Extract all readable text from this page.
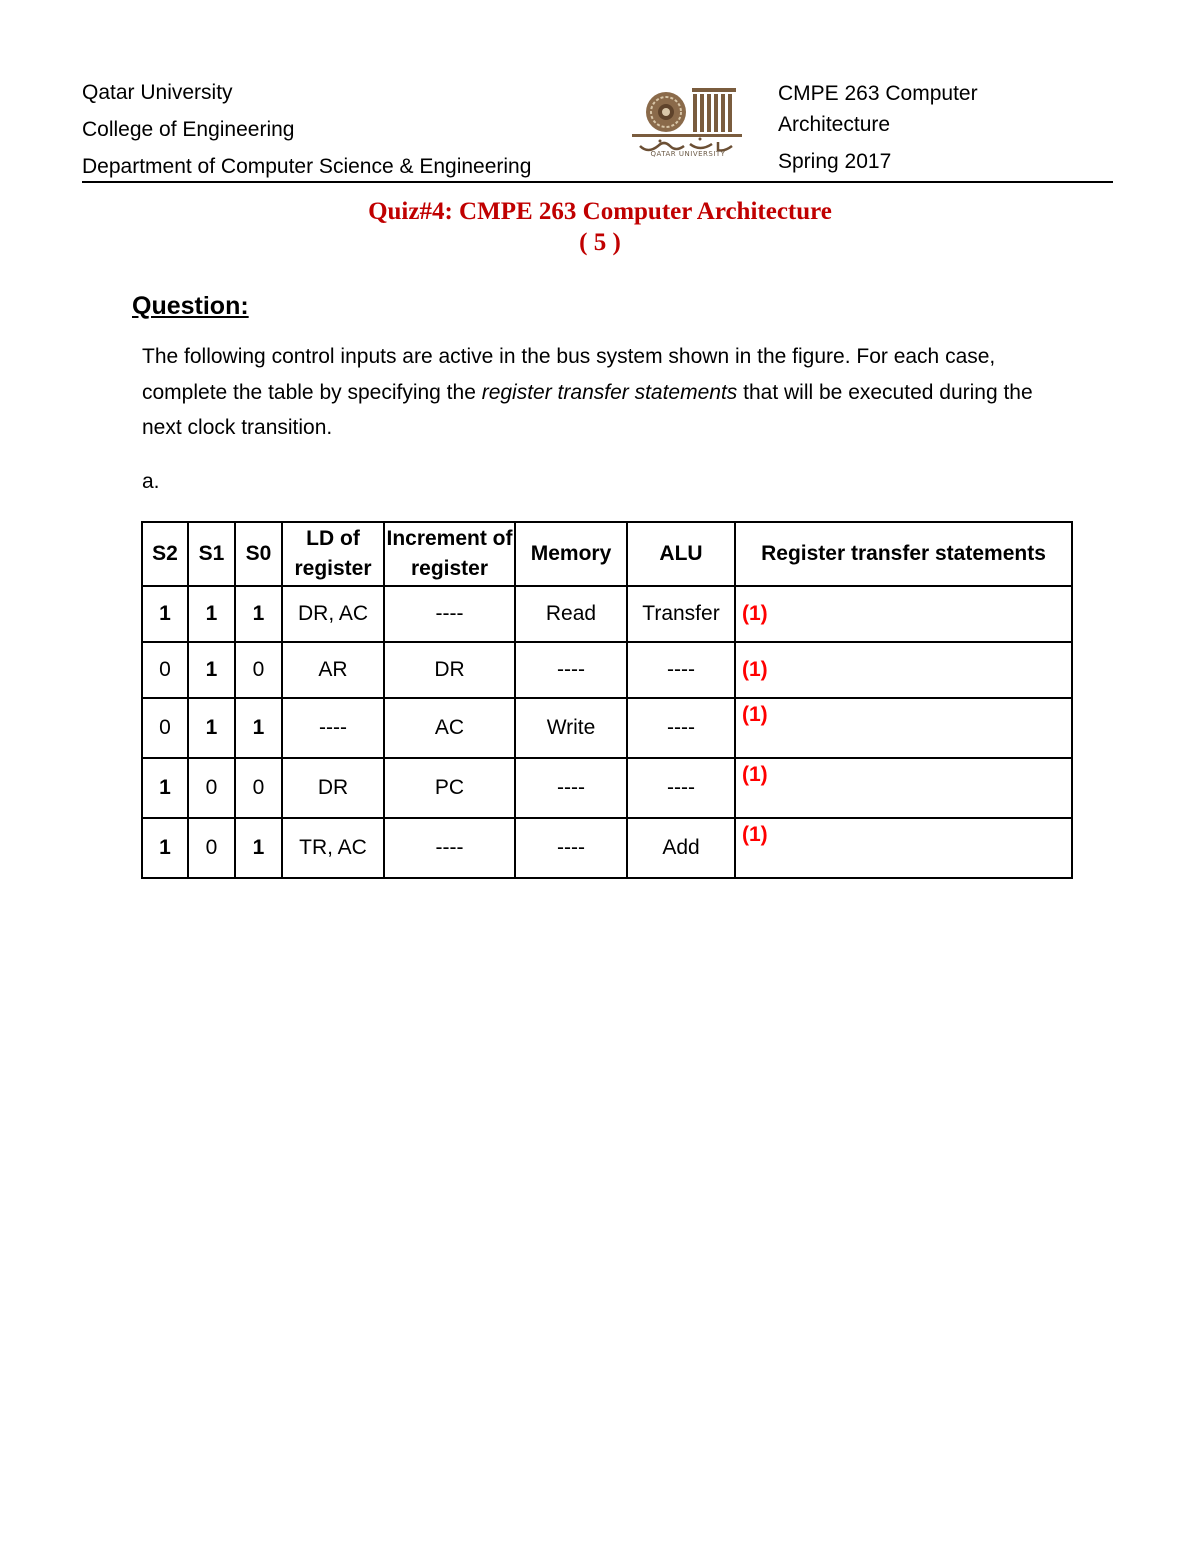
Qatar University
College of Engineering
Department of Computer Science & Engineering
QATAR UNIVERSITY
CMPE 263 Computer
Architecture
Spring 2017
Quiz#4: CMPE 263 Computer Architecture
( 5 )
Question:
The following control inputs are active in the bus system shown in the figure. For each case, complete the table by specifying the register transfer statements that will be executed during the next clock transition.
a.
S2	S1	S0	LD of register	Increment of register	Memory	ALU	Register transfer statements
1	1	1	DR, AC	----	Read	Transfer	(1)
0	1	0	AR	DR	----	----	(1)
0	1	1	----	AC	Write	----	(1)
1	0	0	DR	PC	----	----	(1)
1	0	1	TR, AC	----	----	Add	(1)
